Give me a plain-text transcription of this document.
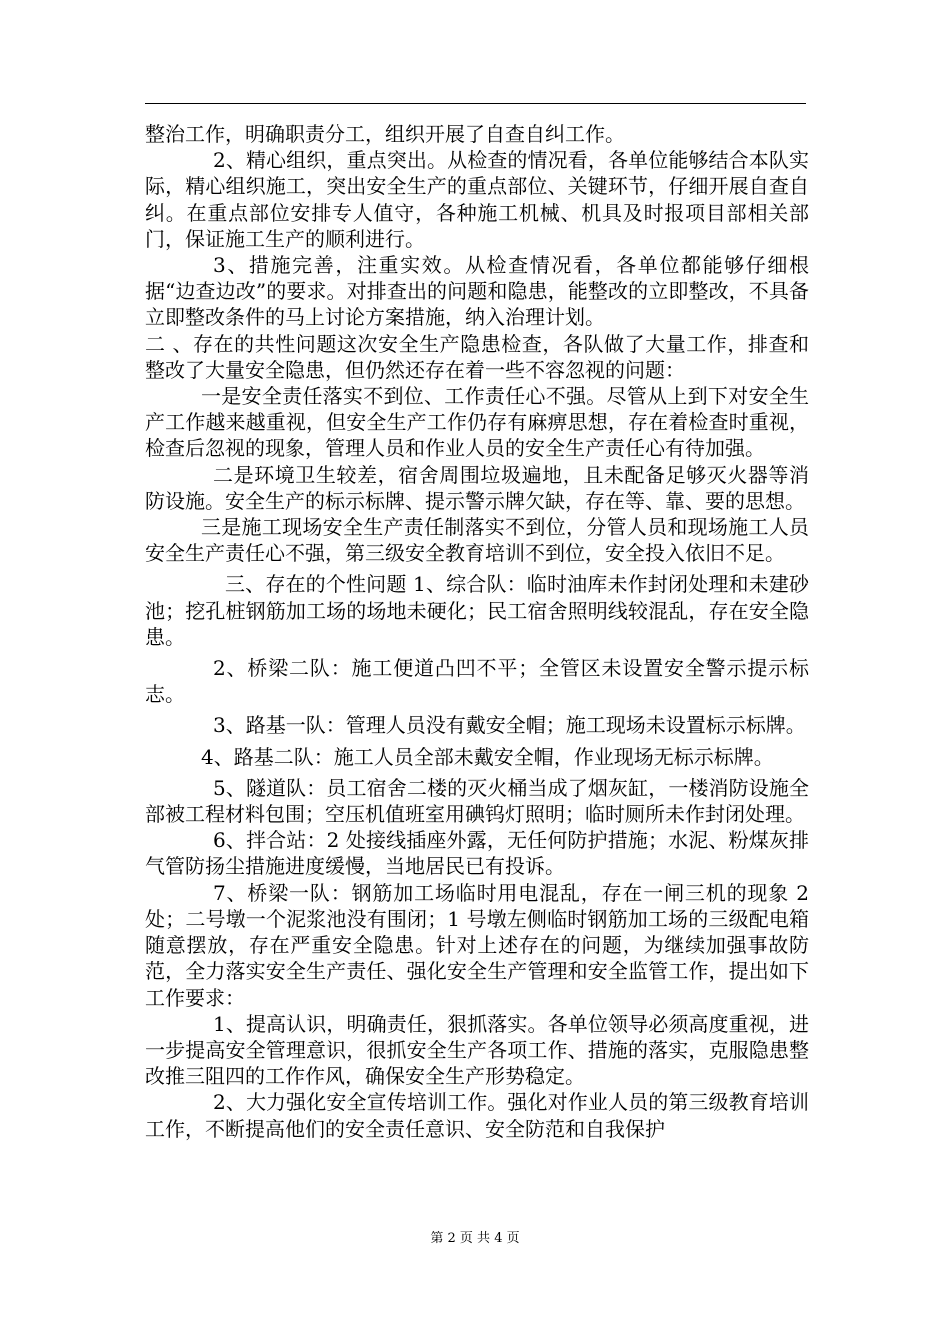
整治工作，明确职责分工，组织开展了自查自纠工作。

2、精心组织，重点突出。从检查的情况看，各单位能够结合本队实际，精心组织施工，突出安全生产的重点部位、关键环节，仔细开展自查自纠。在重点部位安排专人值守，各种施工机械、机具及时报项目部相关部门，保证施工生产的顺利进行。

3、措施完善，注重实效。从检查情况看，各单位都能够仔细根据“边查边改”的要求。对排查出的问题和隐患，能整改的立即整改，不具备立即整改条件的马上讨论方案措施，纳入治理计划。

二 、存在的共性问题这次安全生产隐患检查，各队做了大量工作，排查和整改了大量安全隐患，但仍然还存在着一些不容忽视的问题：

一是安全责任落实不到位、工作责任心不强。尽管从上到下对安全生产工作越来越重视，但安全生产工作仍存有麻痹思想，存在着检查时重视，检查后忽视的现象，管理人员和作业人员的安全生产责任心有待加强。

二是环境卫生较差，宿舍周围垃圾遍地，且未配备足够灭火器等消防设施。安全生产的标示标牌、提示警示牌欠缺，存在等、靠、要的思想。

三是施工现场安全生产责任制落实不到位，分管人员和现场施工人员安全生产责任心不强，第三级安全教育培训不到位，安全投入依旧不足。

三、存在的个性问题 1、综合队：临时油库未作封闭处理和未建砂池；挖孔桩钢筋加工场的场地未硬化；民工宿舍照明线较混乱，存在安全隐患。

2、桥梁二队：施工便道凸凹不平；全管区未设置安全警示提示标志。

3、路基一队：管理人员没有戴安全帽；施工现场未设置标示标牌。

4、路基二队：施工人员全部未戴安全帽，作业现场无标示标牌。

5、隧道队：员工宿舍二楼的灭火桶当成了烟灰缸，一楼消防设施全部被工程材料包围；空压机值班室用碘钨灯照明；临时厕所未作封闭处理。

6、拌合站：2 处接线插座外露，无任何防护措施；水泥、粉煤灰排气管防扬尘措施进度缓慢，当地居民已有投诉。

7、桥梁一队：钢筋加工场临时用电混乱，存在一闸三机的现象 2 处；二号墩一个泥浆池没有围闭；1 号墩左侧临时钢筋加工场的三级配电箱随意摆放，存在严重安全隐患。针对上述存在的问题，为继续加强事故防范，全力落实安全生产责任、强化安全生产管理和安全监管工作，提出如下工作要求：

1、提高认识，明确责任，狠抓落实。各单位领导必须高度重视，进一步提高安全管理意识，很抓安全生产各项工作、措施的落实，克服隐患整改推三阻四的工作作风，确保安全生产形势稳定。

2、大力强化安全宣传培训工作。强化对作业人员的第三级教育培训工作，不断提高他们的安全责任意识、安全防范和自我保护

第 2 页 共 4 页
